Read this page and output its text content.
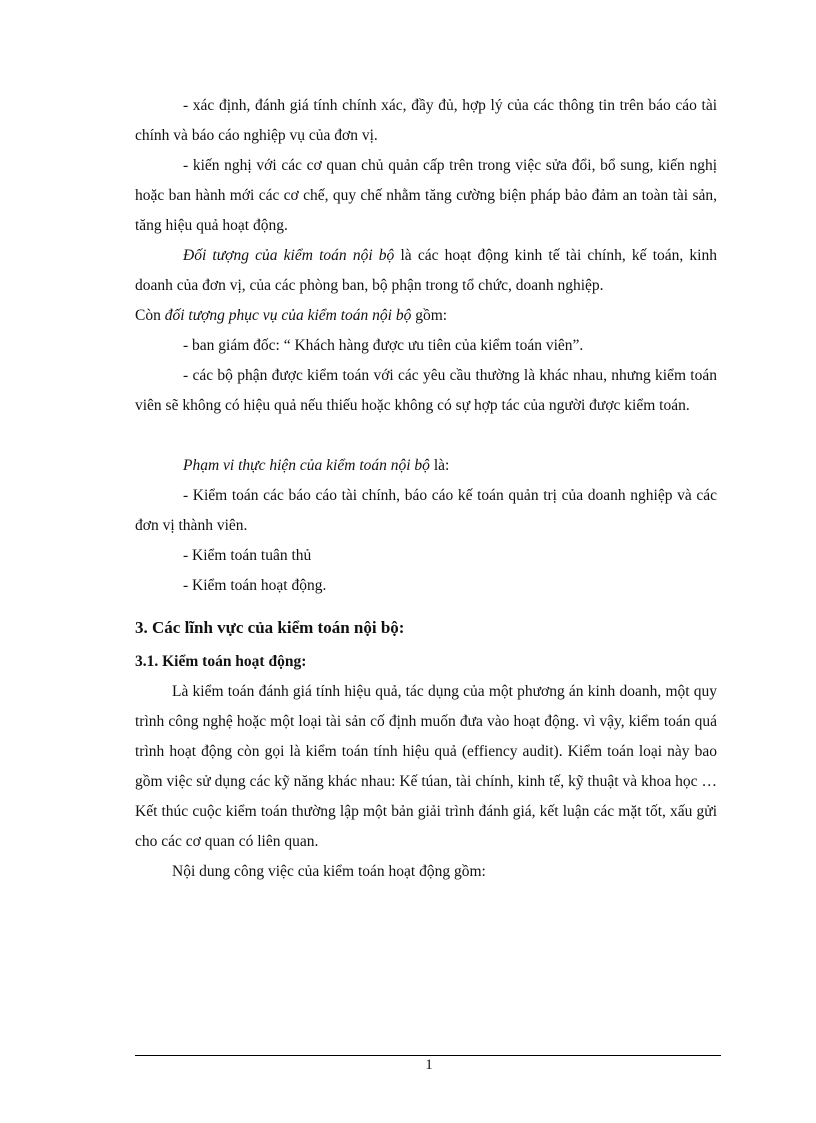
- xác định, đánh giá tính chính xác, đầy đủ, hợp lý của các thông tin trên báo cáo tài chính và báo cáo nghiệp vụ của đơn vị.

- kiến nghị với các cơ quan chủ quản cấp trên trong việc sửa đổi, bổ sung, kiến nghị hoặc ban hành mới các cơ chế, quy chế nhằm tăng cường biện pháp bảo đảm an toàn tài sản, tăng hiệu quả hoạt động.

Đối tượng của kiểm toán nội bộ là các hoạt động kinh tế tài chính, kế toán, kinh doanh của đơn vị, của các phòng ban, bộ phận trong tổ chức, doanh nghiệp.

Còn đối tượng phục vụ của kiểm toán nội bộ gồm:

- ban giám đốc: “ Khách hàng được ưu tiên của kiểm toán viên”.

- các bộ phận được kiểm toán với các yêu cầu thường là khác nhau, nhưng kiểm toán viên sẽ không có hiệu quả nếu thiếu hoặc không có sự hợp tác của người được kiểm toán.

Phạm vi thực hiện của kiểm toán nội bộ là:

- Kiểm toán các báo cáo tài chính, báo cáo kế toán quản trị của doanh nghiệp và các đơn vị thành viên.

- Kiểm toán tuân thủ

- Kiểm toán hoạt động.

3. Các lĩnh vực của kiểm toán nội bộ:
3.1. Kiểm toán hoạt động:

Là kiểm toán đánh giá tính hiệu quả, tác dụng của một phương án kinh doanh, một quy trình công nghệ hoặc một loại tài sản cố định muốn đưa vào hoạt động. vì vậy, kiểm toán quá trình hoạt động còn gọi là kiểm toán tính hiệu quả (effiency audit). Kiểm toán loại này bao gồm việc sử dụng các kỹ năng khác nhau: Kế túan, tài chính, kinh tế, kỹ thuật và khoa học …Kết thúc cuộc kiểm toán thường lập một bản giải trình đánh giá, kết luận các mặt tốt, xấu gửi cho các cơ quan có liên quan.

Nội dung công việc của kiểm toán hoạt động gồm:

1
